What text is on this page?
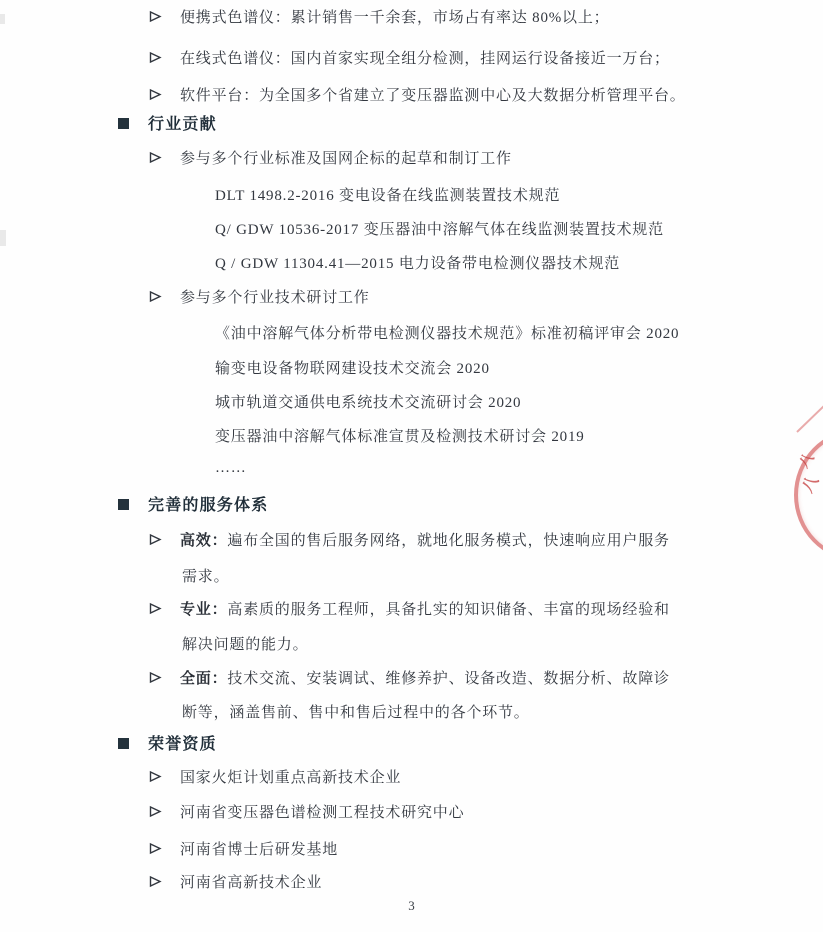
便携式色谱仪：累计销售一千余套，市场占有率达 80%以上；
在线式色谱仪：国内首家实现全组分检测，挂网运行设备接近一万台；
软件平台：为全国多个省建立了变压器监测中心及大数据分析管理平台。
行业贡献
参与多个行业标准及国网企标的起草和制订工作
DLT 1498.2-2016 变电设备在线监测装置技术规范
Q/ GDW 10536-2017 变压器油中溶解气体在线监测装置技术规范
Q / GDW 11304.41—2015 电力设备带电检测仪器技术规范
参与多个行业技术研讨工作
《油中溶解气体分析带电检测仪器技术规范》标准初稿评审会 2020
输变电设备物联网建设技术交流会 2020
城市轨道交通供电系统技术交流研讨会 2020
变压器油中溶解气体标准宣贯及检测技术研讨会 2019
……
完善的服务体系
高效：遍布全国的售后服务网络，就地化服务模式，快速响应用户服务
需求。
专业：高素质的服务工程师，具备扎实的知识储备、丰富的现场经验和
解决问题的能力。
全面：技术交流、安装调试、维修养护、设备改造、数据分析、故障诊
断等，涵盖售前、售中和售后过程中的各个环节。
荣誉资质
国家火炬计划重点高新技术企业
河南省变压器色谱检测工程技术研究中心
河南省博士后研发基地
河南省高新技术企业
3
八
八
